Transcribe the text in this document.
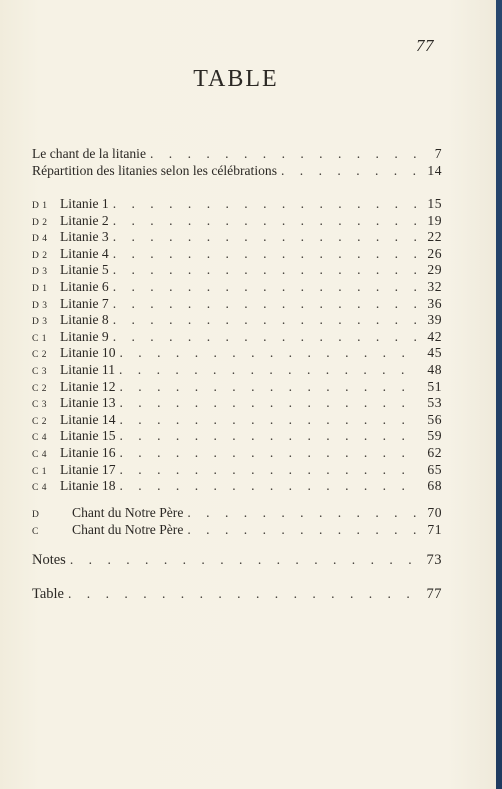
77
TABLE
Le chant de la litanie . . .	7
Répartition des litanies selon les célébrations . . .	14
D 1 Litanie 1 . . .	15
D 2 Litanie 2 . . .	19
D 4 Litanie 3 . . .	22
D 2 Litanie 4 . . .	26
D 3 Litanie 5 . . .	29
D 1 Litanie 6 . . .	32
D 3 Litanie 7 . . .	36
D 3 Litanie 8 . . .	39
C 1 Litanie 9 . . .	42
C 2 Litanie 10 . . .	45
C 3 Litanie 11 . . .	48
C 2 Litanie 12 . . .	51
C 3 Litanie 13 . . .	53
C 2 Litanie 14 . . .	56
C 4 Litanie 15 . . .	59
C 4 Litanie 16 . . .	62
C 1 Litanie 17 . . .	65
C 4 Litanie 18 . . .	68
D	Chant du Notre Père . . .	70
C	Chant du Notre Père . . .	71
Notes . . .	73
Table . . .	77
